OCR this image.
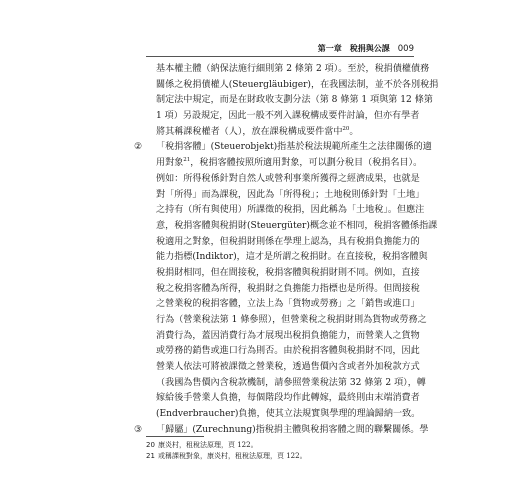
第一章　稅捐與公課 009
基本權主體（納保法施行細則第 2 條第 2 項）。至於，稅捐債權債務
關係之稅捐債權人(Steuergläubiger)，在我國法制，並不於各別稅捐
制定法中規定，而是在財政收支劃分法（第 8 條第 1 項與第 12 條第
1 項）另設規定，因此一般不列入課稅構成要件討論，但亦有學者
將其稱課稅權者（人），放在課稅構成要件當中$^{20}$。
② 「稅捐客體」(Steuerobjekt)指基於稅法規範所產生之法律關係的適
用對象$^{21}$，稅捐客體按照所適用對象，可以劃分稅目（稅捐名目）。
例如：所得稅係針對自然人或營利事業所獲得之經濟成果，也就是
對「所得」而為課稅，因此為「所得稅」；土地稅則係針對「土地」
之持有（所有與使用）所課徵的稅捐，因此稱為「土地稅」。但應注
意，稅捐客體與稅捐財(Steuergüter)概念並不相同，稅捐客體係指課
稅適用之對象，但稅捐財則係在學理上認為，具有稅捐負擔能力的
能力指標(Indiktor)，這才是所謂之稅捐財。在直接稅，稅捐客體與
稅捐財相同，但在間接稅，稅捐客體與稅捐財則不同。例如，直接
稅之稅捐客體為所得，稅捐財之負擔能力指標也是所得。但間接稅
之營業稅的稅捐客體，立法上為「貨物或勞務」之「銷售或進口」
行為（營業稅法第 1 條參照），但營業稅之稅捐財則為貨物或勞務之
消費行為，蓋因消費行為才展現出稅捐負擔能力，而營業人之貨物
或勞務的銷售或進口行為則否。由於稅捐客體與稅捐財不同，因此
營業人依法可將被課徵之營業稅，透過售價內含或者外加稅款方式
（我國為售價內含稅款機制，請參照營業稅法第 32 條第 2 項），轉
嫁給後手營業人負擔，每個階段均作此轉嫁，最終則由末端消費者
(Endverbraucher)負擔，使其立法規實與學理的理論歸納一致。
③ 「歸屬」(Zurechnung)指稅捐主體與稅捐客體之間的聯繫關係。學
20 康炎村，租稅法原理，頁 122。
21 或稱課稅對象，康炎村，租稅法原理，頁 122。
